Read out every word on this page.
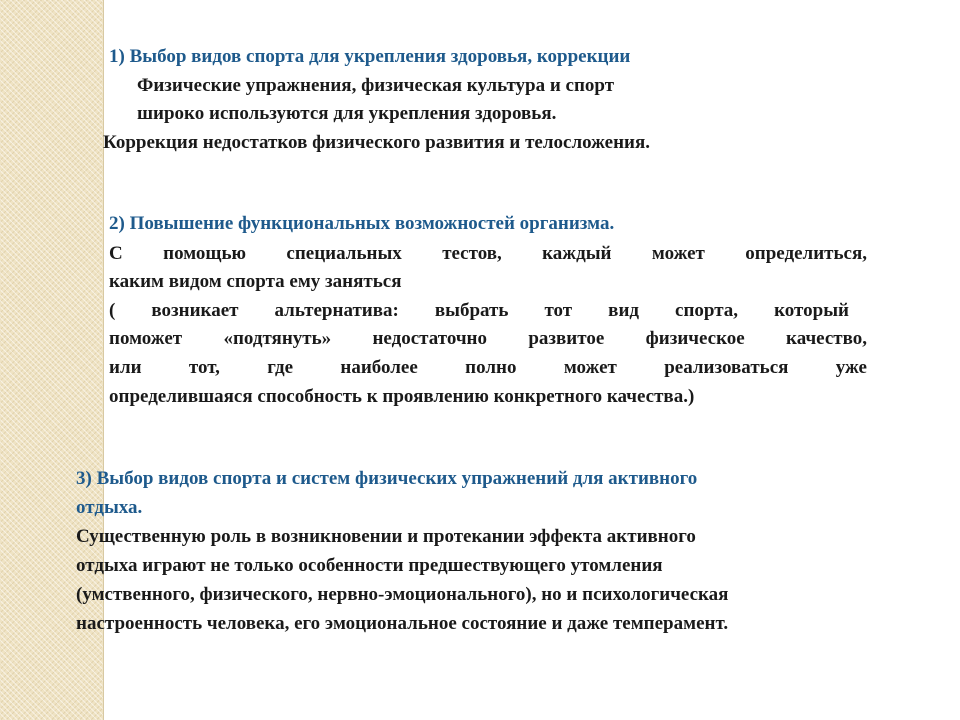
1) Выбор видов спорта для укрепления здоровья, коррекции
Физические упражнения, физическая культура и спорт
широко используются для укрепления здоровья.
Коррекция недостатков физического развития и телосложения.
2) Повышение функциональных возможностей организма.
С помощью специальных тестов, каждый может определиться,
каким видом спорта ему заняться
( возникает альтернатива: выбрать тот вид спорта, который
поможет «подтянуть» недостаточно развитое физическое качество,
или тот, где наиболее полно может реализоваться уже
определившаяся способность к проявлению конкретного качества.)
3) Выбор видов спорта и систем физических упражнений для активного
отдыха.
Существенную роль в возникновении и протекании эффекта активного
отдыха играют не только особенности предшествующего утомления
(умственного, физического, нервно-эмоционального), но и психологическая
настроенность человека, его эмоциональное состояние и даже темперамент.
